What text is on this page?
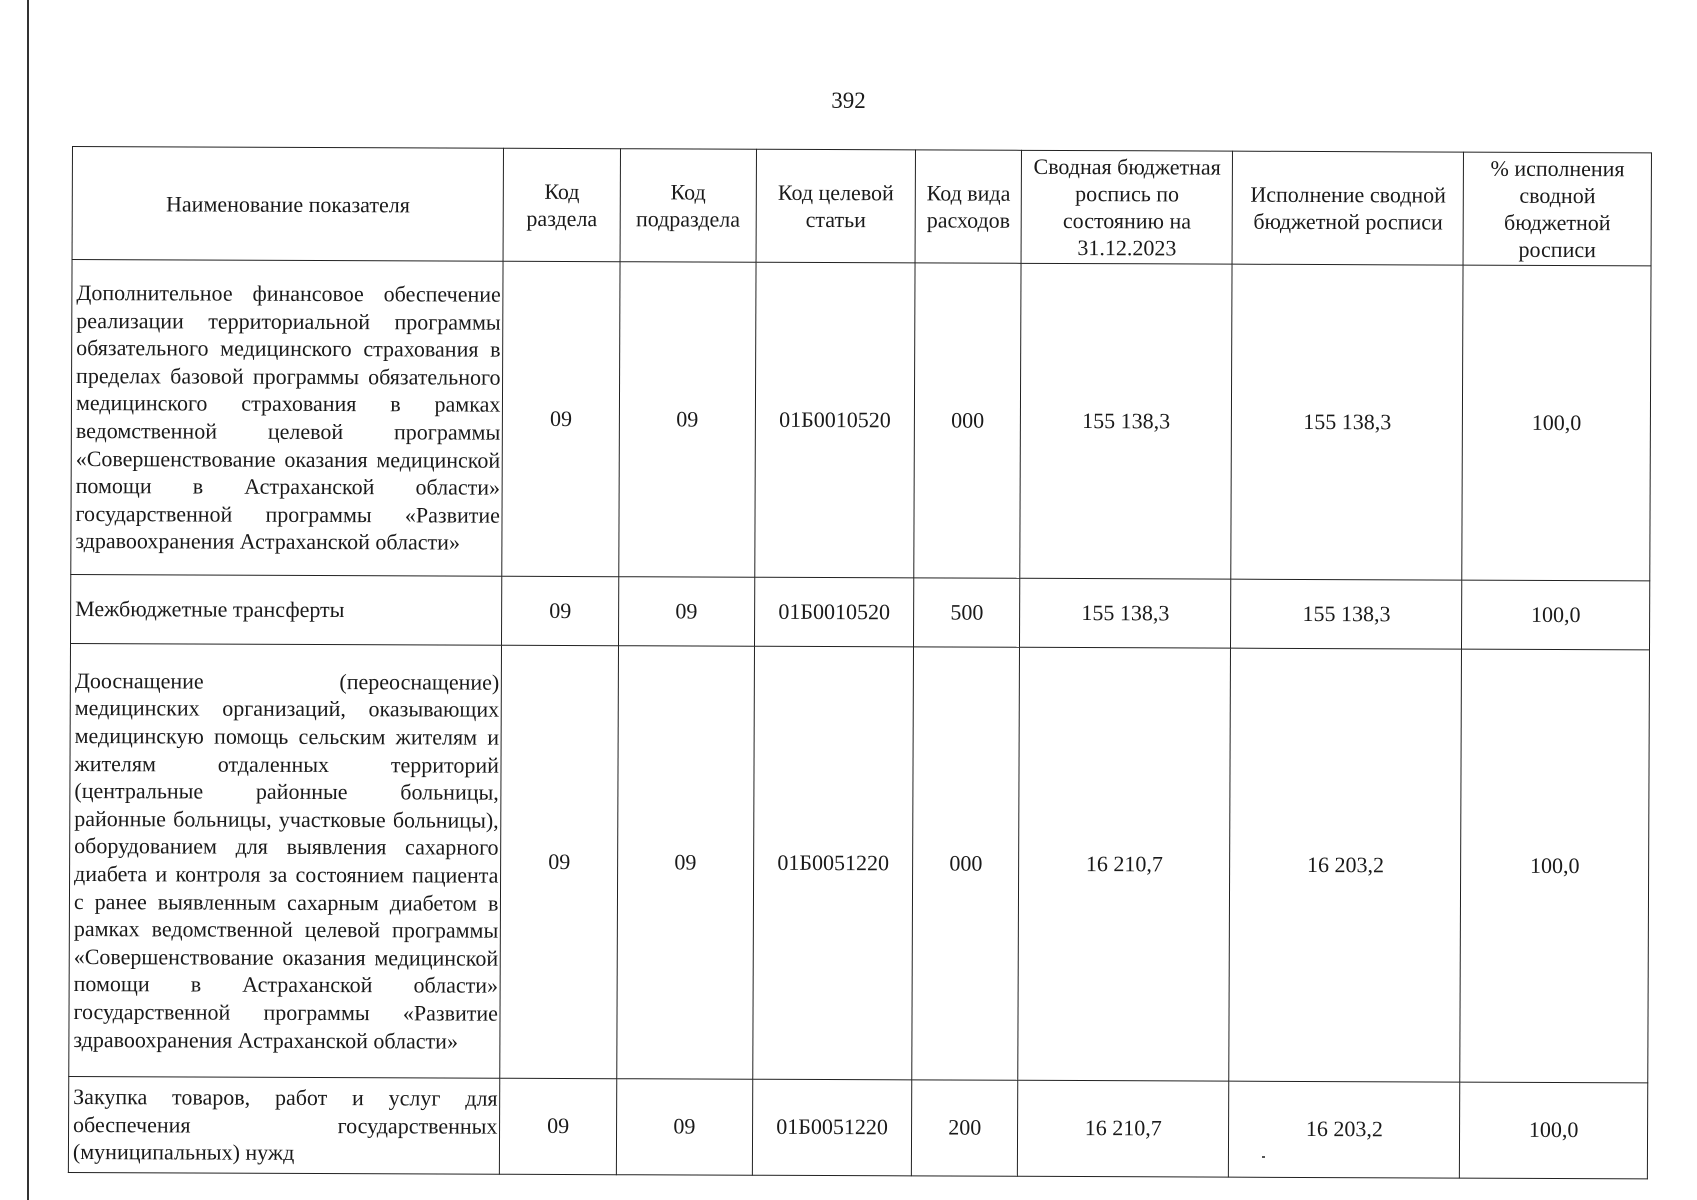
392
Наименование показателя	Код раздела	Код подраздела	Код целевой статьи	Код вида расходов	Сводная бюджетная роспись по состоянию на 31.12.2023	Исполнение сводной бюджетной росписи	% исполнения сводной бюджетной росписи
Дополнительное финансовое обеспечение реализации территориальной программы обязательного медицинского страхования в пределах базовой программы обязательного медицинского страхования в рамках ведомственной целевой программы «Совершенствование оказания медицинской помощи в Астраханской области» государственной программы «Развитие здравоохранения Астраханской области»	09	09	01Б0010520	000	155 138,3	155 138,3	100,0
Межбюджетные трансферты	09	09	01Б0010520	500	155 138,3	155 138,3	100,0
Дооснащение (переоснащение) медицинских организаций, оказывающих медицинскую помощь сельским жителям и жителям отдаленных территорий (центральные районные больницы, районные больницы, участковые больницы), оборудованием для выявления сахарного диабета и контроля за состоянием пациента с ранее выявленным сахарным диабетом в рамках ведомственной целевой программы «Совершенствование оказания медицинской помощи в Астраханской области» государственной программы «Развитие здравоохранения Астраханской области»	09	09	01Б0051220	000	16 210,7	16 203,2	100,0
Закупка товаров, работ и услуг для обеспечения государственных (муниципальных) нужд	09	09	01Б0051220	200	16 210,7	16 203,2	100,0
